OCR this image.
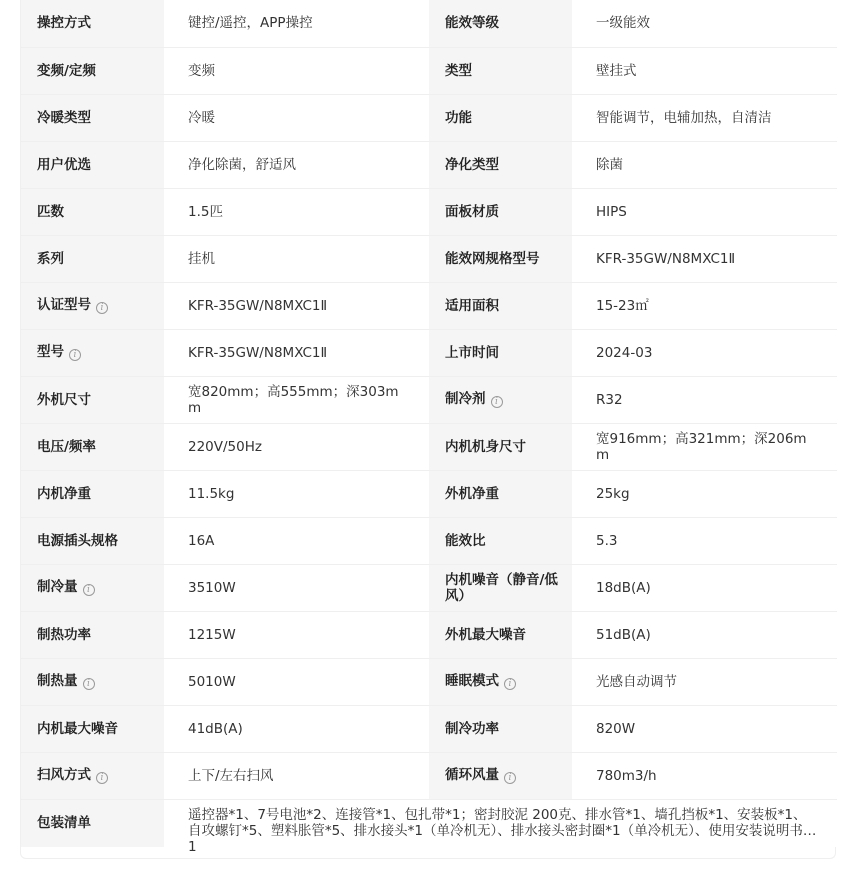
操控方式	键控/遥控，APP操控	能效等级	一级能效
变频/定频	变频	类型	壁挂式
冷暖类型	冷暖	功能	智能调节，电辅加热，自清洁
用户优选	净化除菌，舒适风	净化类型	除菌
匹数	1.5匹	面板材质	HIPS
系列	挂机	能效网规格型号	KFR-35GW/N8MXC1Ⅱ
认证型号 i	KFR-35GW/N8MXC1Ⅱ	适用面积	15-23㎡
型号 i	KFR-35GW/N8MXC1Ⅱ	上市时间	2024-03
外机尺寸	宽820mm；高555mm；深303mm	制冷剂 i	R32
电压/频率	220V/50Hz	内机机身尺寸	宽916mm；高321mm；深206mm
内机净重	11.5kg	外机净重	25kg
电源插头规格	16A	能效比	5.3
制冷量 i	3510W	内机噪音（静音/低风）	18dB(A)
制热功率	1215W	外机最大噪音	51dB(A)
制热量 i	5010W	睡眠模式 i	光感自动调节
内机最大噪音	41dB(A)	制冷功率	820W
扫风方式 i	上下/左右扫风	循环风量 i	780m3/h
包装清单	遥控器*1、7号电池*2、连接管*1、包扎带*1；密封胶泥 200克、排水管*1、墙孔挡板*1、安装板*1、自攻螺钉*5、塑料胀管*5、排水接头*1（单冷机无）、排水接头密封圈*1（单冷机无）、使用安装说明书*1		
